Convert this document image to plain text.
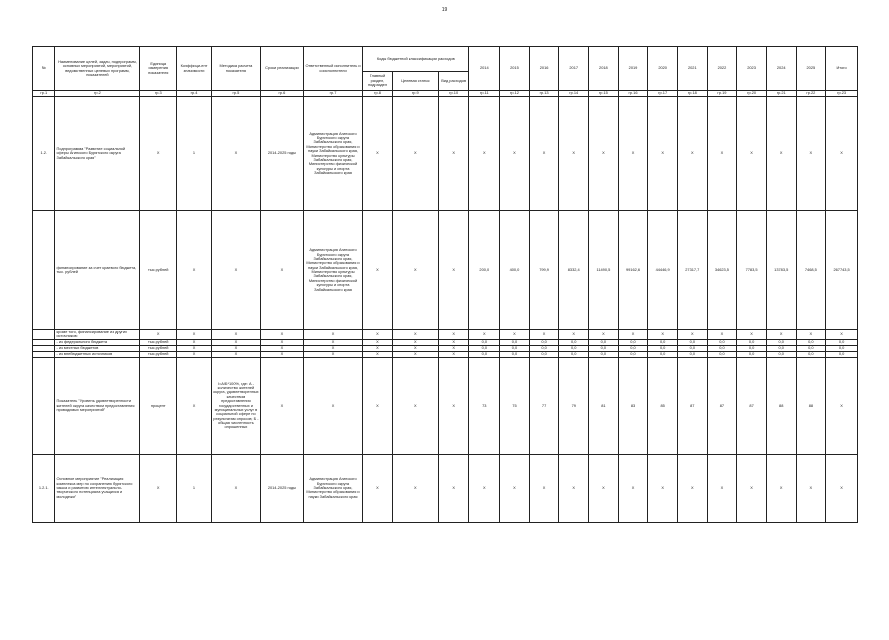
19
№	Наименование целей, задач, подпрограмм, основных мероприятий, мероприятий, ведомственных целевых программ, показателей	Единица измерения показателя	Коэффици-ент значимости	Методика расчета показателя	Сроки реализации	Ответственный исполнитель и соисполнители	Коды бюджетной классификации расходов			2014	2015	2016	2017	2018	2019	2020	2021	2022	2023	2024	2025	Итого
							Главный раздел, подраздел	Целевая статья	Вид расходов													
гр.1	гр.2	гр.3	гр.4	гр.5	гр.6	гр.7	гр.8	гр.9	гр.10	гр.11	гр.12	гр.13	гр.14	гр.15	гр.16	гр.17	гр.18	гр.19	гр.20	гр.21	гр.22	гр.23
1.2.	Подпрограмма "Развитие социальной сферы Агинского Бурятского округа Забайкальского края"	X	1	X	2014-2025 годы	Администрация Агинского Бурятского округа Забайкальского края, Министерство образования и науки Забайкальского края, Министерство культуры Забайкальского края, Министерство физической культуры и спорта Забайкальского края	X	X	X	X	X	X	X	X	X	X	X	X	X	X	X	X
	финансирование за счет краевого бюджета, тыс. рублей	тыс.рублей	X	X	X	Администрация Агинского Бурятского округа Забайкальского края, Министерство образования и науки Забайкальского края, Министерство культуры Забайкальского края, Министерство физической культуры и спорта Забайкальского края	X	X	X	200,0	400,0	799,9	8332,4	11490,5	99162,6	44446,9	27317,7	34623,5	7783,5	13783,5	7468,5	267743,5
	кроме того, финансирование из других источников:	X	X	X	X	X	X	X	X	X	X	X	X	X	X	X	X	X	X	X	X	X
	- из федерального бюджета	тыс.рублей	X	X	X	X	X	X	X	0,0	0,0	0,0	0,0	0,0	0,0	0,0	0,0	0,0	0,0	0,0	0,0	0,0
	- из местных бюджетов	тыс.рублей	X	X	X	X	X	X	X	0,0	0,0	0,0	0,0	0,0	0,0	0,0	0,0	0,0	0,0	0,0	0,0	0,0
	- из внебюджетных источников	тыс.рублей	X	X	X	X	X	X	X	0,0	0,0	0,0	0,0	0,0	0,0	0,0	0,0	0,0	0,0	0,0	0,0	0,0
	Показатель "Уровень удовлетворенности жителей округа качеством предоставления проводимых мероприятий"	процент	X	I=А/Б*100%, где: А - количество жителей округа, удовлетворенных качеством предоставления государственных и муниципальных услуг в социальной сфере по результатам опросов; Б - общая численность опрошенных	X	X	X	X	X	73	75	77	79	81	83	85	87	87	87	88	88	X
1.2.1.	Основное мероприятие "Реализация комплекса мер по сохранению бурятского языка и развитию интеллектуально-творческого потенциала учащихся и молодежи"	X	1	X	2014-2025 годы	Администрация Агинского Бурятского округа Забайкальского края, Министерство образования и науки Забайкальского края	X	X	X	X	X	X	X	X	X	X	X	X	X	X	X	X
